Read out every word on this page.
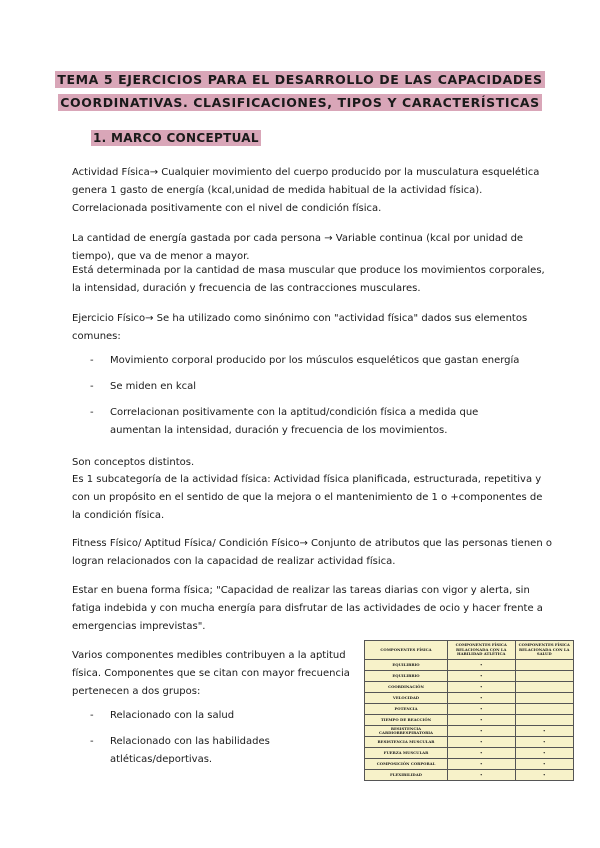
TEMA 5 EJERCICIOS PARA EL DESARROLLO DE LAS CAPACIDADES
COORDINATIVAS. CLASIFICACIONES, TIPOS Y CARACTERÍSTICAS
1. MARCO CONCEPTUAL

Actividad Física→ Cualquier movimiento del cuerpo producido por la musculatura esquelética genera 1 gasto de energía (kcal,unidad de medida habitual de la actividad física). Correlacionada positivamente con el nivel de condición física.

La cantidad de energía gastada por cada persona → Variable continua (kcal por unidad de tiempo), que va de menor a mayor.

Está determinada por la cantidad de masa muscular que produce los movimientos corporales, la intensidad, duración y frecuencia de las contracciones musculares.

Ejercicio Físico→ Se ha utilizado como sinónimo con "actividad física" dados sus elementos comunes:

- Movimiento corporal producido por los músculos esqueléticos que gastan energía
- Se miden en kcal
- Correlacionan positivamente con la aptitud/condición física a medida que aumentan la intensidad, duración y frecuencia de los movimientos.

Son conceptos distintos.

Es 1 subcategoría de la actividad física: Actividad física planificada, estructurada, repetitiva y con un propósito en el sentido de que la mejora o el mantenimiento de 1 o +componentes de la condición física.

Fitness Físico/ Aptitud Física/ Condición Físico→ Conjunto de atributos que las personas tienen o logran relacionados con la capacidad de realizar actividad física.

Estar en buena forma física; "Capacidad de realizar las tareas diarias con vigor y alerta, sin fatiga indebida y con mucha energía para disfrutar de las actividades de ocio y hacer frente a emergencias imprevistas".

Varios componentes medibles contribuyen a la aptitud física. Componentes que se citan con mayor frecuencia pertenecen a dos grupos:

- Relacionado con la salud
- Relacionado con las habilidades atléticas/deportivas.
COMPONENTES FÍSICA	COMPONENTES FÍSICA RELACIONADA CON LA HABILIDAD ATLÉTICA	COMPONENTES FÍSICA RELACIONADA CON LA SALUD
EQUILIBRIO	•	
EQUILIBRIO	•	
COORDINACIÓN	•	
VELOCIDAD	•	
POTENCIA	•	
TIEMPO DE REACCIÓN	•	
RESISTENCIA CARDIORRESPIRATORIA	•	•
RESISTENCIA MUSCULAR	•	•
FUERZA MUSCULAR	•	•
COMPOSICIÓN CORPORAL	•	•
FLEXIBILIDAD	•	•
